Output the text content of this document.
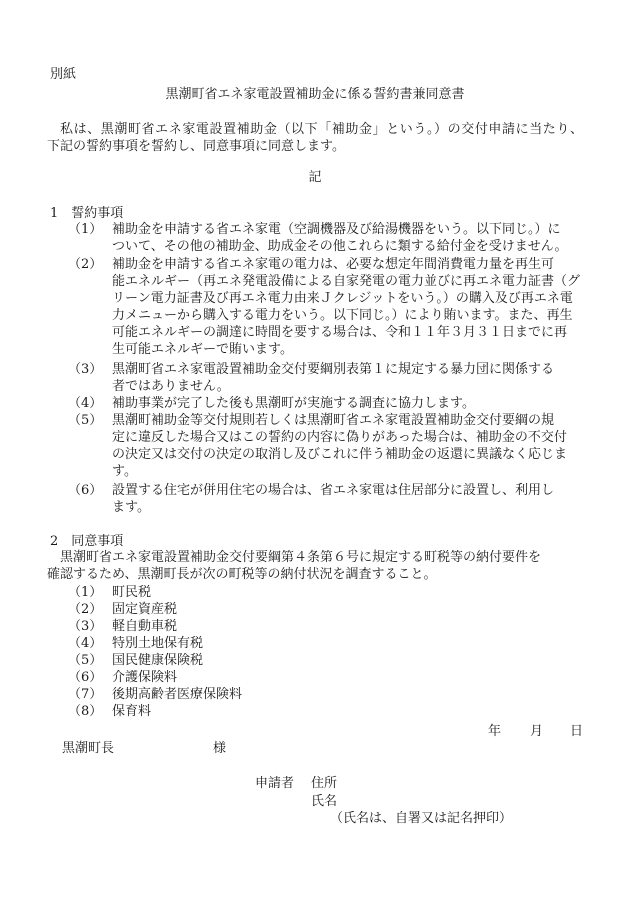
別紙
黒潮町省エネ家電設置補助金に係る誓約書兼同意書
私は、黒潮町省エネ家電設置補助金（以下「補助金」という。）の交付申請に当たり、
下記の誓約事項を誓約し、同意事項に同意します。
記
1　誓約事項
（1） 補助金を申請する省エネ家電（空調機器及び給湯機器をいう。以下同じ。）に
ついて、その他の補助金、助成金その他これらに類する給付金を受けません。
（2） 補助金を申請する省エネ家電の電力は、必要な想定年間消費電力量を再生可
能エネルギー（再エネ発電設備による自家発電の電力並びに再エネ電力証書（グ
リーン電力証書及び再エネ電力由来Ｊクレジットをいう。）の購入及び再エネ電
力メニューから購入する電力をいう。以下同じ。）により賄います。また、再生
可能エネルギーの調達に時間を要する場合は、令和１１年３月３１日までに再
生可能エネルギーで賄います。
（3） 黒潮町省エネ家電設置補助金交付要綱別表第１に規定する暴力団に関係する
者ではありません。
（4） 補助事業が完了した後も黒潮町が実施する調査に協力します。
（5） 黒潮町補助金等交付規則若しくは黒潮町省エネ家電設置補助金交付要綱の規
定に違反した場合又はこの誓約の内容に偽りがあった場合は、補助金の不交付
の決定又は交付の決定の取消し及びこれに伴う補助金の返還に異議なく応じま
す。
（6） 設置する住宅が併用住宅の場合は、省エネ家電は住居部分に設置し、利用し
ます。
2　同意事項
黒潮町省エネ家電設置補助金交付要綱第４条第６号に規定する町税等の納付要件を
確認するため、黒潮町長が次の町税等の納付状況を調査すること。
（1） 町民税
（2） 固定資産税
（3） 軽自動車税
（4） 特別土地保有税
（5） 国民健康保険税
（6） 介護保険料
（7） 後期高齢者医療保険料
（8） 保育料
年 月 日
黒潮町長	様
申請者 住所
氏名
（氏名は、自署又は記名押印）
